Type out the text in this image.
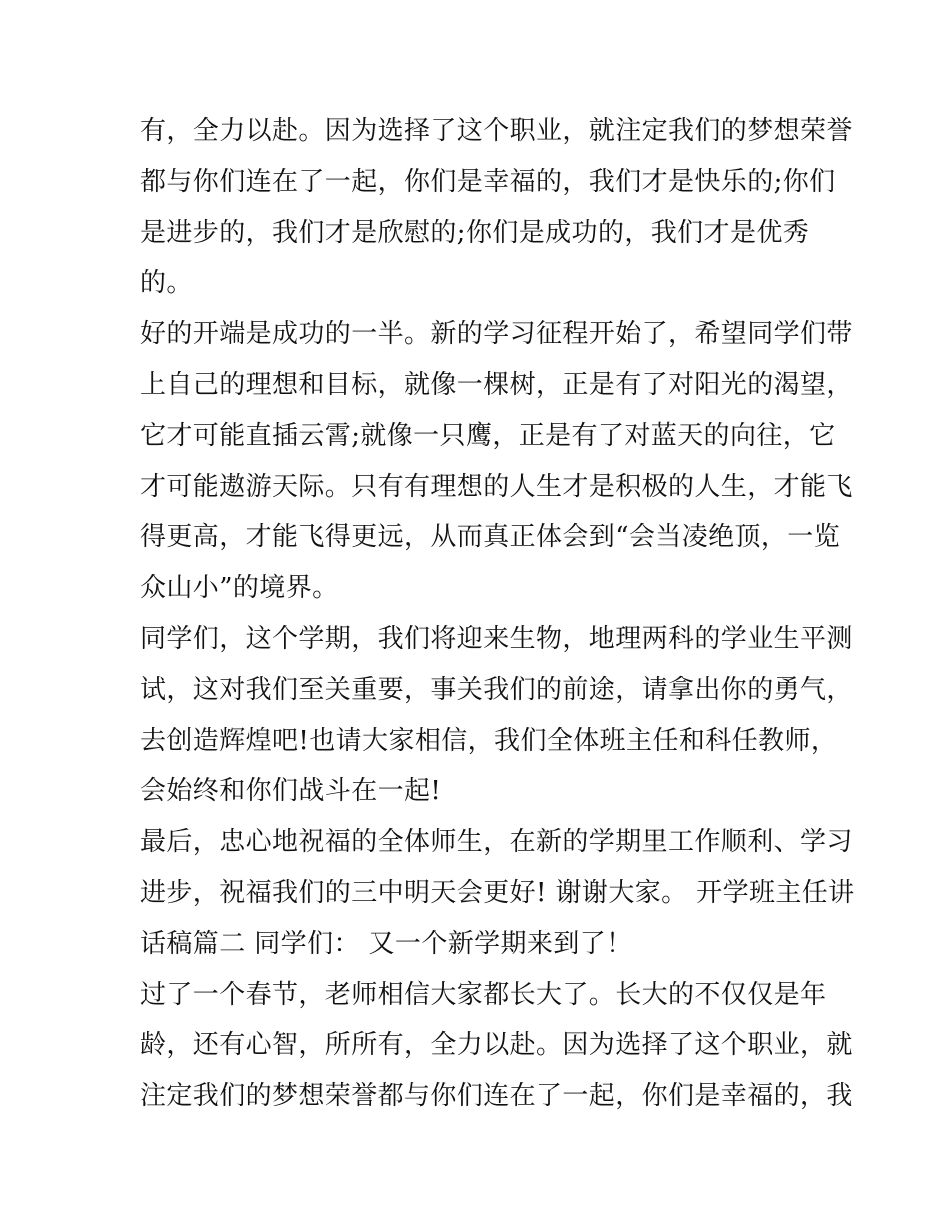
有，全力以赴。因为选择了这个职业，就注定我们的梦想荣誉
都与你们连在了一起，你们是幸福的，我们才是快乐的;你们
是进步的，我们才是欣慰的;你们是成功的，我们才是优秀
的。
好的开端是成功的一半。新的学习征程开始了，希望同学们带
上自己的理想和目标，就像一棵树，正是有了对阳光的渴望，
它才可能直插云霄;就像一只鹰，正是有了对蓝天的向往，它
才可能遨游天际。只有有理想的人生才是积极的人生，才能飞
得更高，才能飞得更远，从而真正体会到“会当凌绝顶，一览
众山小”的境界。
同学们，这个学期，我们将迎来生物，地理两科的学业生平测
试，这对我们至关重要，事关我们的前途，请拿出你的勇气，
去创造辉煌吧!也请大家相信，我们全体班主任和科任教师，
会始终和你们战斗在一起!
最后，忠心地祝福的全体师生，在新的学期里工作顺利、学习
进步，祝福我们的三中明天会更好! 谢谢大家。 开学班主任讲
话稿篇二 同学们： 又一个新学期来到了！
过了一个春节，老师相信大家都长大了。长大的不仅仅是年
龄，还有心智，所所有，全力以赴。因为选择了这个职业，就
注定我们的梦想荣誉都与你们连在了一起，你们是幸福的，我
